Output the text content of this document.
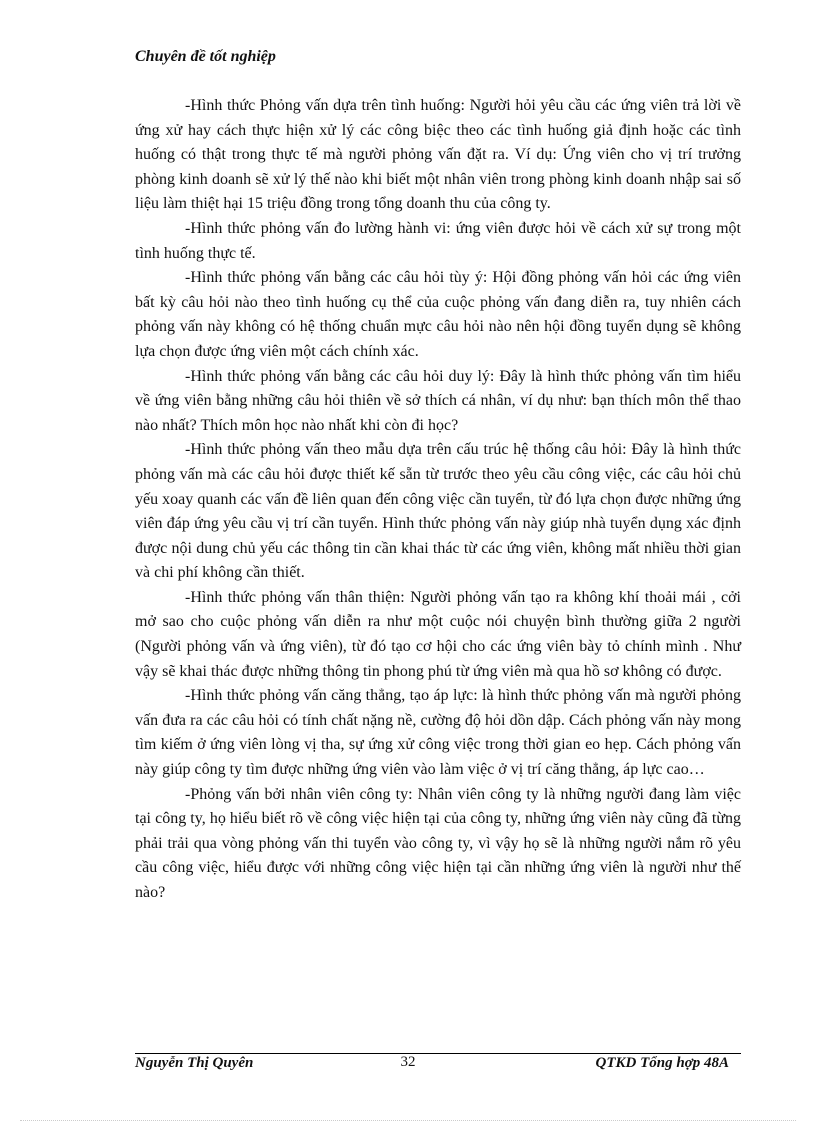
Chuyên đề tốt nghiệp

-Hình thức Phỏng vấn dựa trên tình huống: Người hỏi yêu cầu các ứng viên trả lời về ứng xử hay cách thực hiện xử lý các công biệc theo các tình huống giả định hoặc các tình huống có thật trong thực tế mà người phỏng vấn đặt ra. Ví dụ: Ứng viên cho vị trí trưởng phòng kinh doanh sẽ xử lý thế nào khi biết một nhân viên trong phòng kinh doanh nhập sai số liệu làm thiệt hại 15 triệu đồng trong tổng doanh thu của công ty.

-Hình thức phỏng vấn đo lường hành vi: ứng viên được hỏi về cách xử sự trong một tình huống thực tế.

-Hình thức phỏng vấn bằng các câu hỏi tùy ý: Hội đồng phỏng vấn hỏi các ứng viên bất kỳ câu hỏi nào theo tình huống cụ thể của cuộc phỏng vấn đang diễn ra, tuy nhiên cách phỏng vấn này không có hệ thống chuẩn mực câu hỏi nào nên hội đồng tuyển dụng sẽ không lựa chọn được ứng viên một cách chính xác.

-Hình thức phỏng vấn bằng các câu hỏi duy lý: Đây là hình thức phỏng vấn tìm hiểu về ứng viên bằng những câu hỏi thiên về sở thích cá nhân, ví dụ như: bạn thích môn thể thao nào nhất? Thích môn học nào nhất khi còn đi học?

-Hình thức phỏng vấn theo mẫu dựa trên cấu trúc hệ thống câu hỏi: Đây là hình thức phỏng vấn mà các câu hỏi được thiết kế sẵn từ trước theo yêu cầu công việc, các câu hỏi chủ yếu xoay quanh các vấn đề liên quan đến công việc cần tuyển, từ đó lựa chọn được những ứng viên đáp ứng yêu cầu vị trí cần tuyển. Hình thức phỏng vấn này giúp nhà tuyển dụng xác định được nội dung chủ yếu các thông tin cần khai thác từ các ứng viên, không mất nhiều thời gian và chi phí không cần thiết.

-Hình thức phỏng vấn thân thiện: Người phỏng vấn tạo ra không khí thoải mái , cởi mở sao cho cuộc phỏng vấn diễn ra như một cuộc nói chuyện bình thường giữa 2 người (Người phỏng vấn và ứng viên), từ đó tạo cơ hội cho các ứng viên bày tỏ chính mình . Như vậy sẽ khai thác được những thông tin phong phú từ ứng viên mà qua hồ sơ không có được.

-Hình thức phỏng vấn căng thẳng, tạo áp lực: là hình thức phỏng vấn mà người phỏng vấn đưa ra các câu hỏi có tính chất nặng nề, cường độ hỏi dồn dập. Cách phỏng vấn này mong tìm kiếm ở ứng viên lòng vị tha, sự ứng xử công việc trong thời gian eo hẹp. Cách phỏng vấn này giúp công ty tìm được những ứng viên vào làm việc ở vị trí căng thẳng, áp lực cao…

-Phỏng vấn bởi nhân viên công ty: Nhân viên công ty là những người đang làm việc tại công ty, họ hiểu biết rõ về công việc hiện tại của công ty, những ứng viên này cũng đã từng phải trải qua vòng phỏng vấn thi tuyển vào công ty, vì vậy họ sẽ là những người nắm rõ yêu cầu công việc, hiểu được với những công việc hiện tại cần những ứng viên là người như thế nào?

Nguyễn Thị Quyên	32	QTKD Tổng hợp 48A
